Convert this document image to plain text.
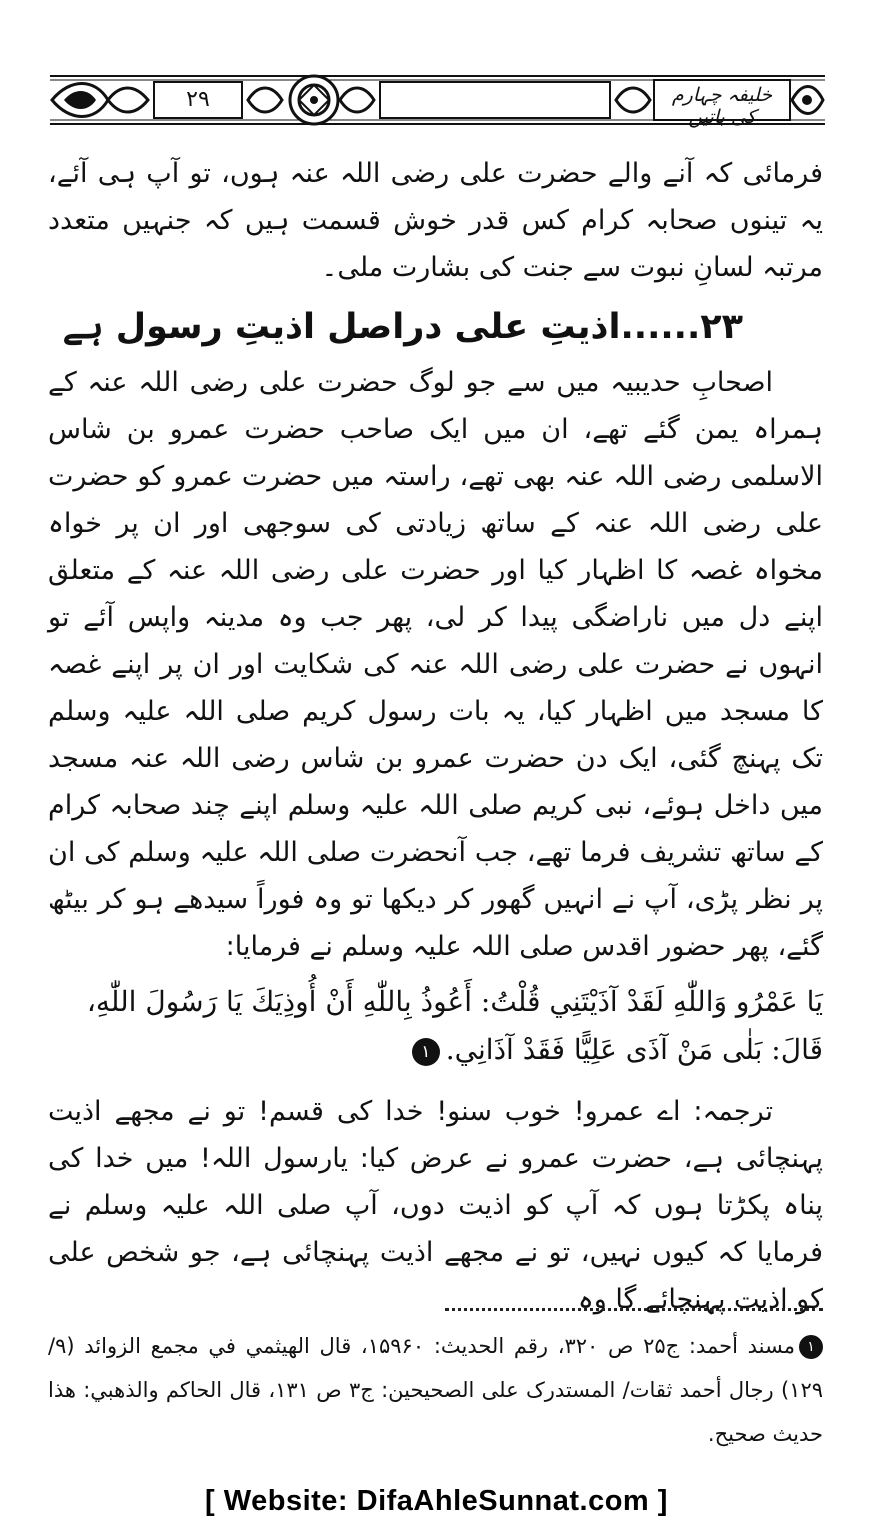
۲۹	خلیفہ چہارم کی باتیں

فرمائی کہ آنے والے حضرت علی رضی اللہ عنہ ہوں، تو آپ ہی آئے، یہ تینوں صحابہ کرام کس قدر خوش قسمت ہیں کہ جنہیں متعدد مرتبہ لسانِ نبوت سے جنت کی بشارت ملی۔

۲۳......اذیتِ علی دراصل اذیتِ رسول ہے

اصحابِ حدیبیہ میں سے جو لوگ حضرت علی رضی اللہ عنہ کے ہمراہ یمن گئے تھے، ان میں ایک صاحب حضرت عمرو بن شاس الاسلمی رضی اللہ عنہ بھی تھے، راستہ میں حضرت عمرو کو حضرت علی رضی اللہ عنہ کے ساتھ زیادتی کی سوجھی اور ان پر خواہ مخواہ غصہ کا اظہار کیا اور حضرت علی رضی اللہ عنہ کے متعلق اپنے دل میں ناراضگی پیدا کر لی، پھر جب وہ مدینہ واپس آئے تو انہوں نے حضرت علی رضی اللہ عنہ کی شکایت اور ان پر اپنے غصہ کا مسجد میں اظہار کیا، یہ بات رسول کریم صلی اللہ علیہ وسلم تک پہنچ گئی، ایک دن حضرت عمرو بن شاس رضی اللہ عنہ مسجد میں داخل ہوئے، نبی کریم صلی اللہ علیہ وسلم اپنے چند صحابہ کرام کے ساتھ تشریف فرما تھے، جب آنحضرت صلی اللہ علیہ وسلم کی ان پر نظر پڑی، آپ نے انہیں گھور کر دیکھا تو وہ فوراً سیدھے ہو کر بیٹھ گئے، پھر حضور اقدس صلی اللہ علیہ وسلم نے فرمایا:

يَا عَمْرُو وَاللّٰهِ لَقَدْ آذَيْتَنِي قُلْتُ: أَعُوذُ بِاللّٰهِ أَنْ أُوذِيَكَ يَا رَسُولَ اللّٰهِ،

قَالَ: بَلٰى مَنْ آذَى عَلِيًّا فَقَدْ آذَانِي.۱

ترجمہ: اے عمرو! خوب سنو! خدا کی قسم! تو نے مجھے اذیت پہنچائی ہے، حضرت عمرو نے عرض کیا: یارسول اللہ! میں خدا کی پناہ پکڑتا ہوں کہ آپ کو اذیت دوں، آپ صلی اللہ علیہ وسلم نے فرمایا کہ کیوں نہیں، تو نے مجھے اذیت پہنچائی ہے، جو شخص علی کو اذیت پہنچائے گا وہ

۱مسند أحمد: ج۲۵ ص ۳۲۰، رقم الحديث: ۱۵۹۶۰، قال الهيثمي في مجمع الزوائد (۹/ ۱۲۹) رجال أحمد ثقات/ المستدرک علی الصحيحين: ج۳ ص ۱۳۱، قال الحاکم والذهبي: هذا حديث صحيح.
[ Website: DifaAhleSunnat.com ]
